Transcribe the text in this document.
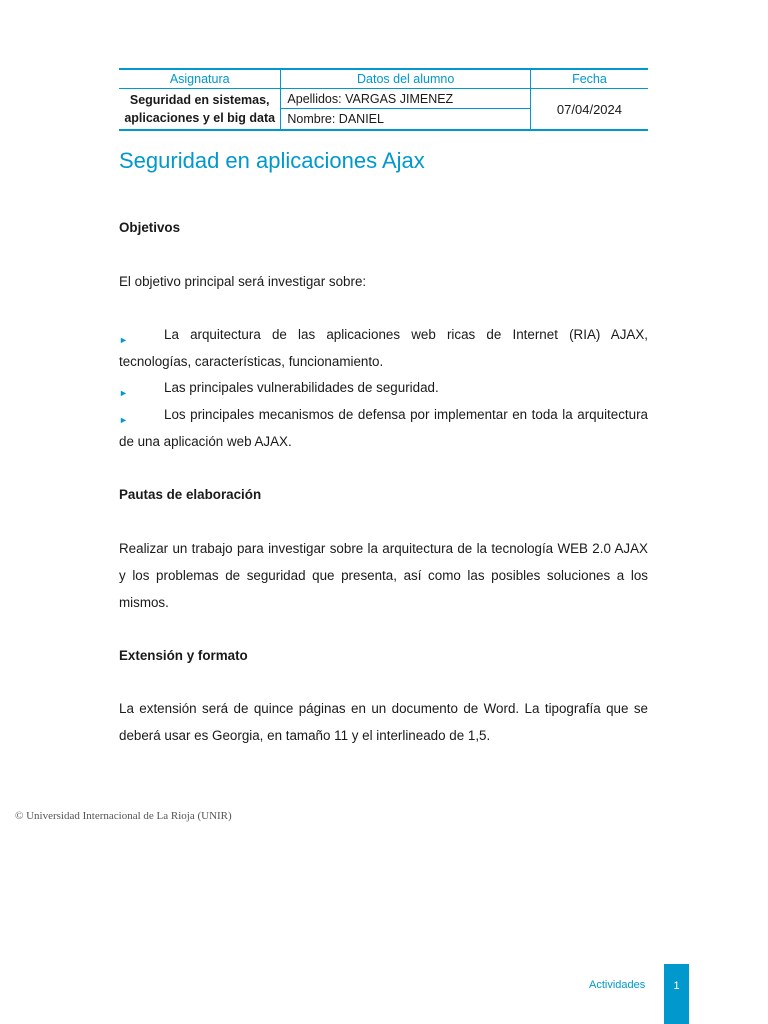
Asignatura	Datos del alumno	Fecha
Seguridad en sistemas,
aplicaciones y el big data	Apellidos: VARGAS JIMENEZ	07/04/2024
	Nombre: DANIEL	
Seguridad en aplicaciones Ajax

Objetivos

El objetivo principal será investigar sobre:

►	La arquitectura de las aplicaciones web ricas de Internet (RIA) AJAX, tecnologías, características, funcionamiento.
►	Las principales vulnerabilidades de seguridad.
►	Los principales mecanismos de defensa por implementar en toda la arquitectura de una aplicación web AJAX.

Pautas de elaboración

Realizar un trabajo para investigar sobre la arquitectura de la tecnología WEB 2.0 AJAX y los problemas de seguridad que presenta, así como las posibles soluciones a los mismos.

Extensión y formato

La extensión será de quince páginas en un documento de Word. La tipografía que se deberá usar es Georgia, en tamaño 11 y el interlineado de 1,5.

© Universidad Internacional de La Rioja (UNIR)
Actividades	1
